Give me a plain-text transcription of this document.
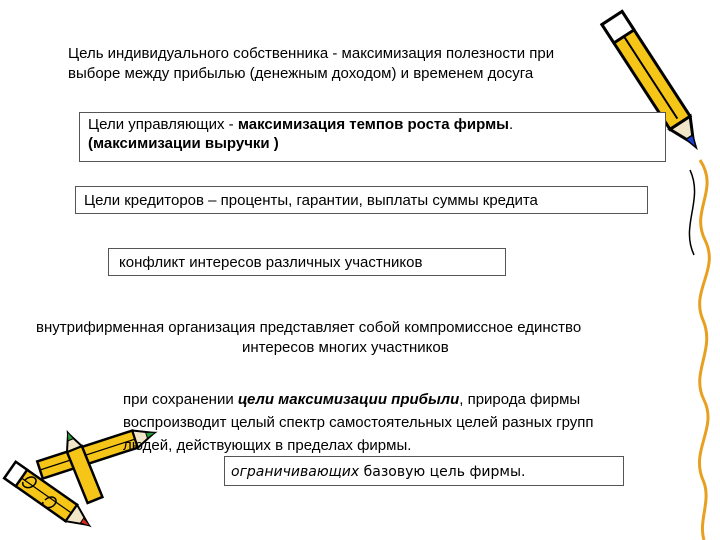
Цель индивидуального собственника - максимизация полезности при
выборе между прибылью (денежным доходом) и временем досуга
Цели управляющих - максимизация темпов роста фирмы.
(максимизации выручки )
Цели кредиторов – проценты, гарантии, выплаты суммы кредита
конфликт интересов различных участников
внутрифирменная организация представляет собой компромиссное единство
интересов многих участников
при сохранении цели максимизации прибыли, природа фирмы
воспроизводит целый спектр самостоятельных целей разных групп
людей, действующих в пределах фирмы.
ограничивающих базовую цель фирмы.
